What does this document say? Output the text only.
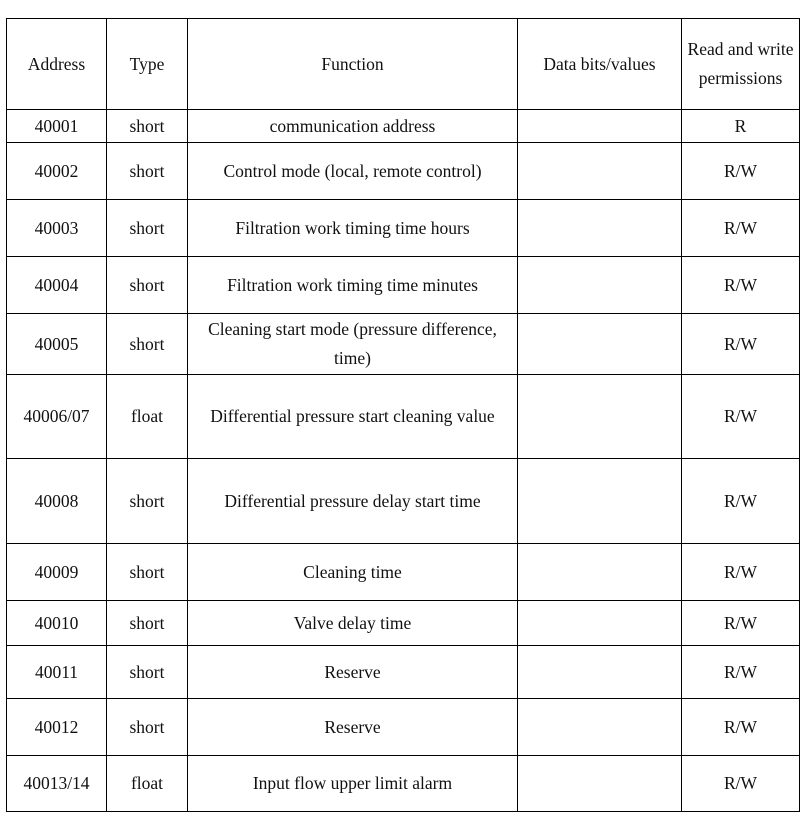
Address	Type	Function	Data bits/values	Read and write permissions
40001	short	communication address		R
40002	short	Control mode (local, remote control)		R/W
40003	short	Filtration work timing time hours		R/W
40004	short	Filtration work timing time minutes		R/W
40005	short	Cleaning start mode (pressure difference, time)		R/W
40006/07	float	Differential pressure start cleaning value		R/W
40008	short	Differential pressure delay start time		R/W
40009	short	Cleaning time		R/W
40010	short	Valve delay time		R/W
40011	short	Reserve		R/W
40012	short	Reserve		R/W
40013/14	float	Input flow upper limit alarm		R/W
